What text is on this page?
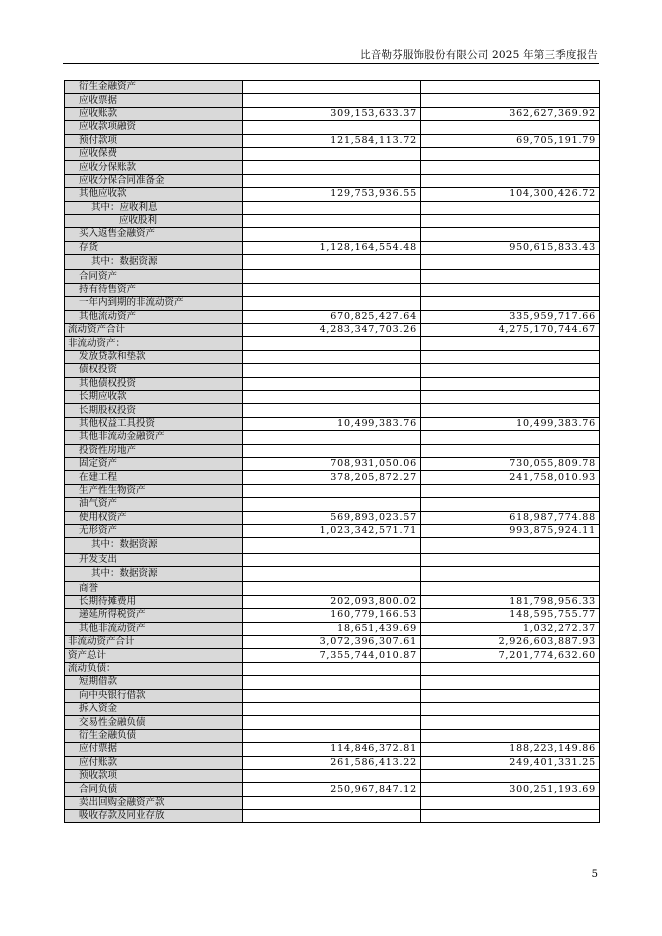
比音勒芬服饰股份有限公司 2025 年第三季度报告
衍生金融资产		
应收票据		
应收账款	309,153,633.37	362,627,369.92
应收款项融资		
预付款项	121,584,113.72	69,705,191.79
应收保费		
应收分保账款		
应收分保合同准备金		
其他应收款	129,753,936.55	104,300,426.72
其中：应收利息		
应收股利		
买入返售金融资产		
存货	1,128,164,554.48	950,615,833.43
其中：数据资源		
合同资产		
持有待售资产		
一年内到期的非流动资产		
其他流动资产	670,825,427.64	335,959,717.66
流动资产合计	4,283,347,703.26	4,275,170,744.67
非流动资产：		
发放贷款和垫款		
债权投资		
其他债权投资		
长期应收款		
长期股权投资		
其他权益工具投资	10,499,383.76	10,499,383.76
其他非流动金融资产		
投资性房地产		
固定资产	708,931,050.06	730,055,809.78
在建工程	378,205,872.27	241,758,010.93
生产性生物资产		
油气资产		
使用权资产	569,893,023.57	618,987,774.88
无形资产	1,023,342,571.71	993,875,924.11
其中：数据资源		
开发支出		
其中：数据资源		
商誉		
长期待摊费用	202,093,800.02	181,798,956.33
递延所得税资产	160,779,166.53	148,595,755.77
其他非流动资产	18,651,439.69	1,032,272.37
非流动资产合计	3,072,396,307.61	2,926,603,887.93
资产总计	7,355,744,010.87	7,201,774,632.60
流动负债：		
短期借款		
向中央银行借款		
拆入资金		
交易性金融负债		
衍生金融负债		
应付票据	114,846,372.81	188,223,149.86
应付账款	261,586,413.22	249,401,331.25
预收款项		
合同负债	250,967,847.12	300,251,193.69
卖出回购金融资产款		
吸收存款及同业存放		
5
